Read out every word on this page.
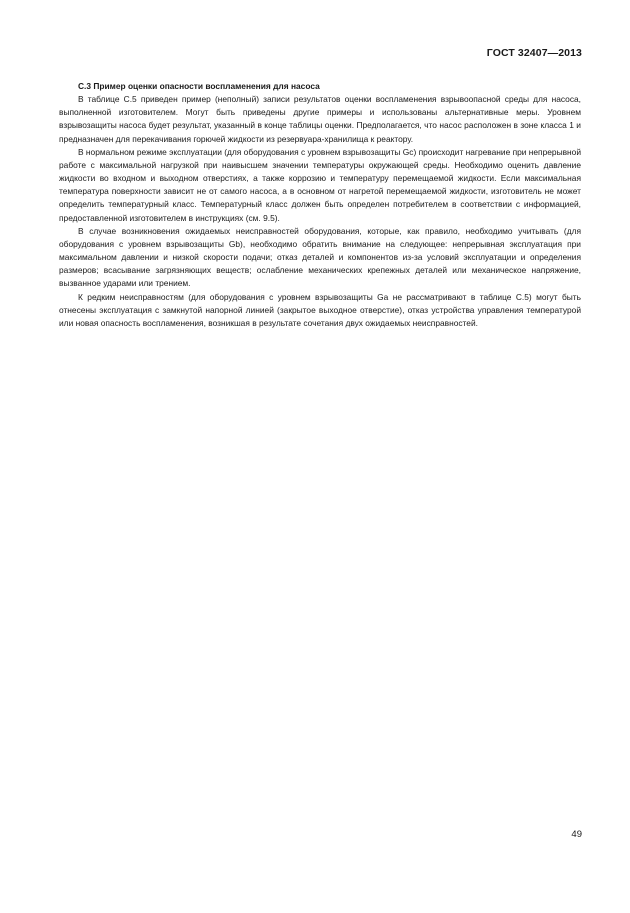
ГОСТ 32407—2013

C.3 Пример оценки опасности воспламенения для насоса

В таблице С.5 приведен пример (неполный) записи результатов оценки воспламенения взрывоопасной среды для насоса, выполненной изготовителем. Могут быть приведены другие примеры и использованы альтернативные меры. Уровнем взрывозащиты насоса будет результат, указанный в конце таблицы оценки. Предполагается, что насос расположен в зоне класса 1 и предназначен для перекачивания горючей жидкости из резервуара-хранилища к реактору.

В нормальном режиме эксплуатации (для оборудования с уровнем взрывозащиты Gc) происходит нагревание при непрерывной работе с максимальной нагрузкой при наивысшем значении температуры окружающей среды. Необходимо оценить давление жидкости во входном и выходном отверстиях, а также коррозию и температуру перемещаемой жидкости. Если максимальная температура поверхности зависит не от самого насоса, а в основном от нагретой перемещаемой жидкости, изготовитель не может определить температурный класс. Температурный класс должен быть определен потребителем в соответствии с информацией, предоставленной изготовителем в инструкциях (см. 9.5).

В случае возникновения ожидаемых неисправностей оборудования, которые, как правило, необходимо учитывать (для оборудования с уровнем взрывозащиты Gb), необходимо обратить внимание на следующее: непрерывная эксплуатация при максимальном давлении и низкой скорости подачи; отказ деталей и компонентов из-за условий эксплуатации и определения размеров; всасывание загрязняющих веществ; ослабление механических крепежных деталей или механическое напряжение, вызванное ударами или трением.

К редким неисправностям (для оборудования с уровнем взрывозащиты Ga не рассматривают в таблице С.5) могут быть отнесены эксплуатация с замкнутой напорной линией (закрытое выходное отверстие), отказ устройства управления температурой или новая опасность воспламенения, возникшая в результате сочетания двух ожидаемых неисправностей.

49
